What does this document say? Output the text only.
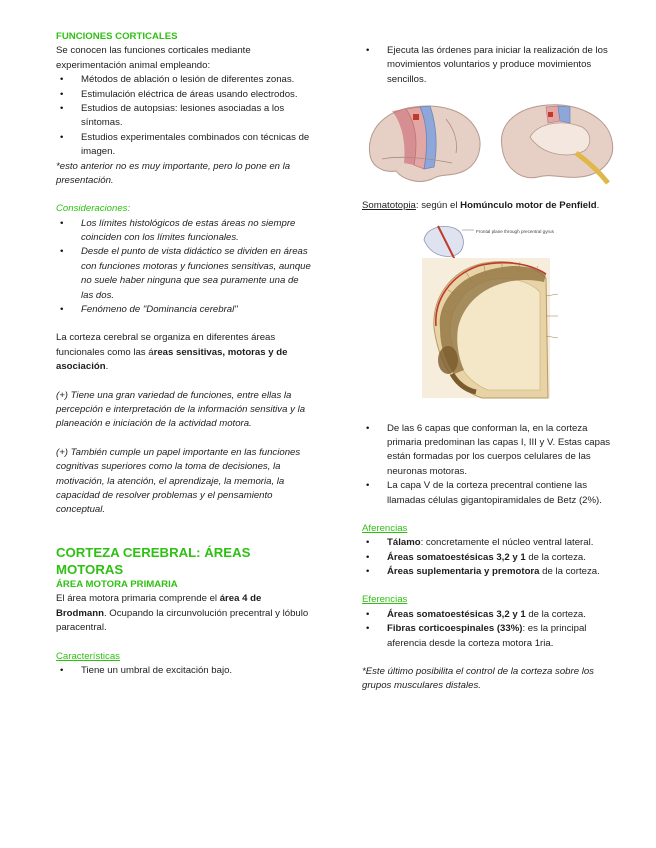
FUNCIONES CORTICALES

Se conocen las funciones corticales mediante experimentación animal empleando:

• Métodos de ablación o lesión de diferentes zonas.
• Estimulación eléctrica de áreas usando electrodos.
• Estudios de autopsias: lesiones asociadas a los síntomas.
• Estudios experimentales combinados con técnicas de imagen.

*esto anterior no es muy importante, pero lo pone en la presentación.

Consideraciones:
• Los límites histológicos de estas áreas no siempre coinciden con los límites funcionales.
• Desde el punto de vista didáctico se dividen en áreas con funciones motoras y funciones sensitivas, aunque no suele haber ninguna que sea puramente una de las dos.
• Fenómeno de "Dominancia cerebral"

La corteza cerebral se organiza en diferentes áreas funcionales como las áreas sensitivas, motoras y de asociación.

(+) Tiene una gran variedad de funciones, entre ellas la percepción e interpretación de la información sensitiva y la planeación e iniciación de la actividad motora.

(+) También cumple un papel importante en las funciones cognitivas superiores como la toma de decisiones, la motivación, la atención, el aprendizaje, la memoria, la capacidad de resolver problemas y el pensamiento conceptual.

CORTEZA CEREBRAL: ÁREAS MOTORAS
ÁREA MOTORA PRIMARIA

El área motora primaria comprende el área 4 de Brodmann. Ocupando la circunvolución precentral y lóbulo paracentral.

Características
• Tiene un umbral de excitación bajo.
• Ejecuta las órdenes para iniciar la realización de los movimientos voluntarios y produce movimientos sencillos.

Somatotopia: según el Homúnculo motor de Penfield.

Frontal plane through precentral gyrus
• De las 6 capas que conforman la, en la corteza primaria predominan las capas I, III y V. Estas capas están formadas por los cuerpos celulares de las neuronas motoras.
• La capa V de la corteza precentral contiene las llamadas células gigantopiramidales de Betz (2%).
Aferencias
• Tálamo: concretamente el núcleo ventral lateral.
• Áreas somatoestésicas 3,2 y 1 de la corteza.
• Áreas suplementaria y premotora de la corteza.
Eferencias
• Áreas somatoestésicas 3,2 y 1 de la corteza.
• Fibras corticoespinales (33%): es la principal aferencia desde la corteza motora 1ria.

*Este último posibilita el control de la corteza sobre los grupos musculares distales.
